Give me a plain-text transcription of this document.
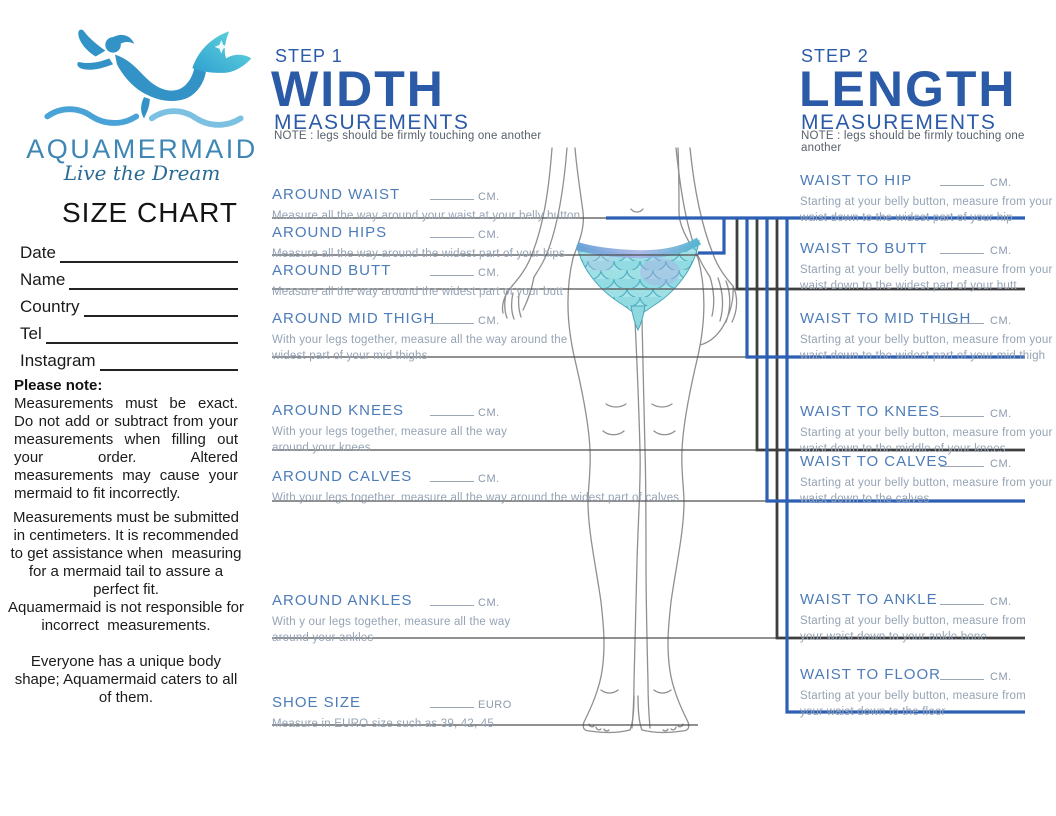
AQUAMERMAID
Live the Dream
SIZE CHART
Date
Name
Country
Tel
Instagram
Please note:
Measurements must be exact. Do not add or subtract from your measurements when filling out your order. Altered measurements may cause your mermaid to fit incorrectly.
Measurements must be submitted in centimeters. It is recommended to get assistance when  measuring for a mermaid tail to assure a perfect fit.
Aquamermaid is not responsible for incorrect  measurements.
Everyone has a unique body shape; Aquamermaid caters to all of them.
STEP 1
WIDTH
MEASUREMENTS
NOTE : legs should be firmly touching one another
AROUND WAIST	CM.
Measure all the way around your waist at your belly button
AROUND HIPS	CM.
Measure all the way around the widest part of your hips
AROUND BUTT	CM.
Measure all the way around the widest part of your butt
AROUND MID THIGH	CM.
With your legs together, measure all the way around the widest part of your mid thighs
AROUND KNEES	CM.
With your legs together, measure all the way around your knees
AROUND CALVES	CM.
With your legs together, measure all the way around the widest part of calves
AROUND ANKLES	CM.
With y our legs together, measure all the way around your ankles
SHOE SIZE	EURO
Measure in EURO size such as 39, 42, 45
STEP 2
LENGTH
MEASUREMENTS
NOTE : legs should be firmly touching one another
WAIST TO HIP	CM.
Starting at your belly button, measure from your waist down to the widest part of your hip
WAIST TO BUTT	CM.
Starting at your belly button, measure from your waist down to the widest part of your butt
WAIST TO MID THIGH CM.
Starting at your belly button, measure from your waist down to the widest part of your mid thigh
WAIST TO KNEES	CM.
Starting at your belly button, measure from your waist down to the middle of your knees
WAIST TO CALVES	CM.
Starting at your belly button, measure from your waist down to the calves
WAIST TO ANKLE	CM.
Starting at your belly button, measure from your waist down to your ankle bone
WAIST TO FLOOR	CM.
Starting at your belly button, measure from your waist down to the floor
